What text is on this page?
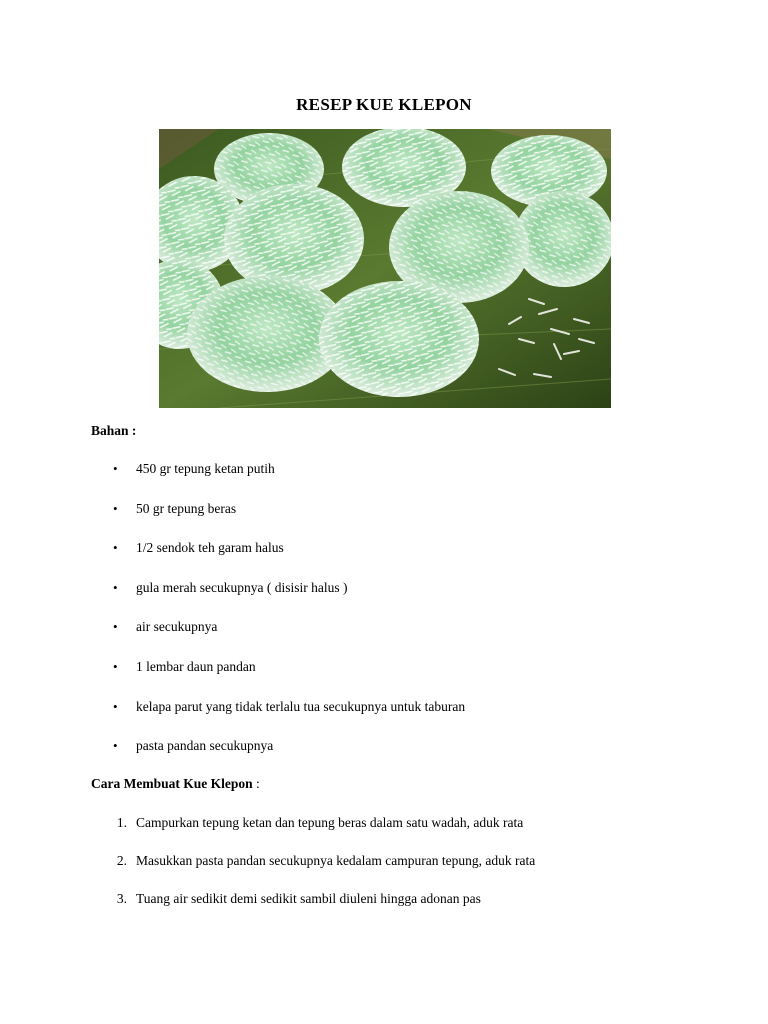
RESEP KUE KLEPON
Bahan :
• 450 gr tepung ketan putih
• 50 gr tepung beras
• 1/2 sendok teh garam halus
• gula merah secukupnya ( disisir halus )
• air secukupnya
• 1 lembar daun pandan
• kelapa parut yang tidak terlalu tua secukupnya untuk taburan
• pasta pandan secukupnya
Cara Membuat Kue Klepon :
1. Campurkan tepung ketan dan tepung beras dalam satu wadah, aduk rata
2. Masukkan pasta pandan secukupnya kedalam campuran tepung, aduk rata
3. Tuang air sedikit demi sedikit sambil diuleni hingga adonan pas
